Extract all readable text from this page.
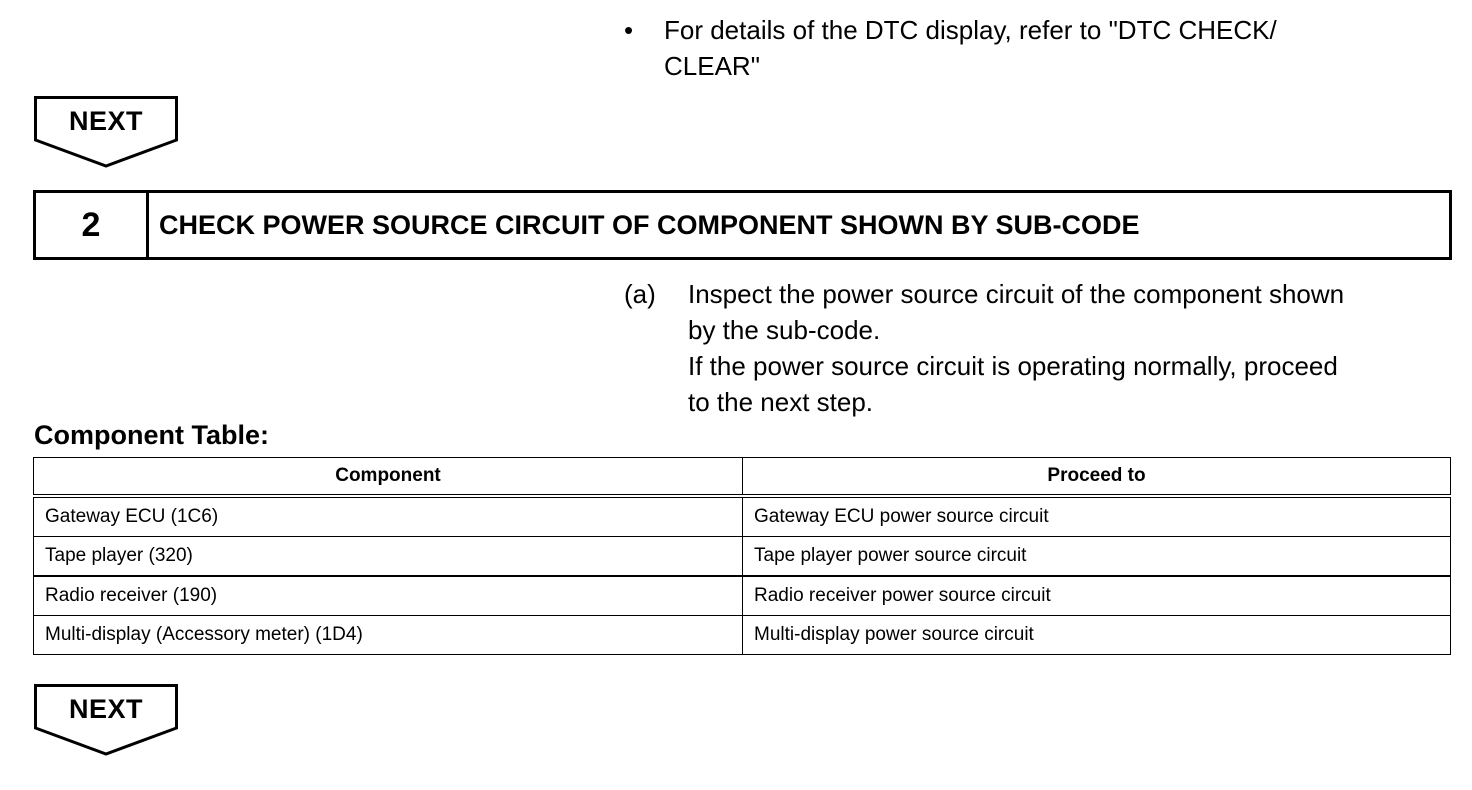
• For details of the DTC display, refer to "DTC CHECK/
CLEAR"
NEXT
2	CHECK POWER SOURCE CIRCUIT OF COMPONENT SHOWN BY SUB-CODE
(a) Inspect the power source circuit of the component shown
by the sub-code.
If the power source circuit is operating normally, proceed
to the next step.
Component Table:
Component	Proceed to
Gateway ECU (1C6)	Gateway ECU power source circuit
Tape player (320)	Tape player power source circuit
Radio receiver (190)	Radio receiver power source circuit
Multi-display (Accessory meter) (1D4)	Multi-display power source circuit
NEXT
